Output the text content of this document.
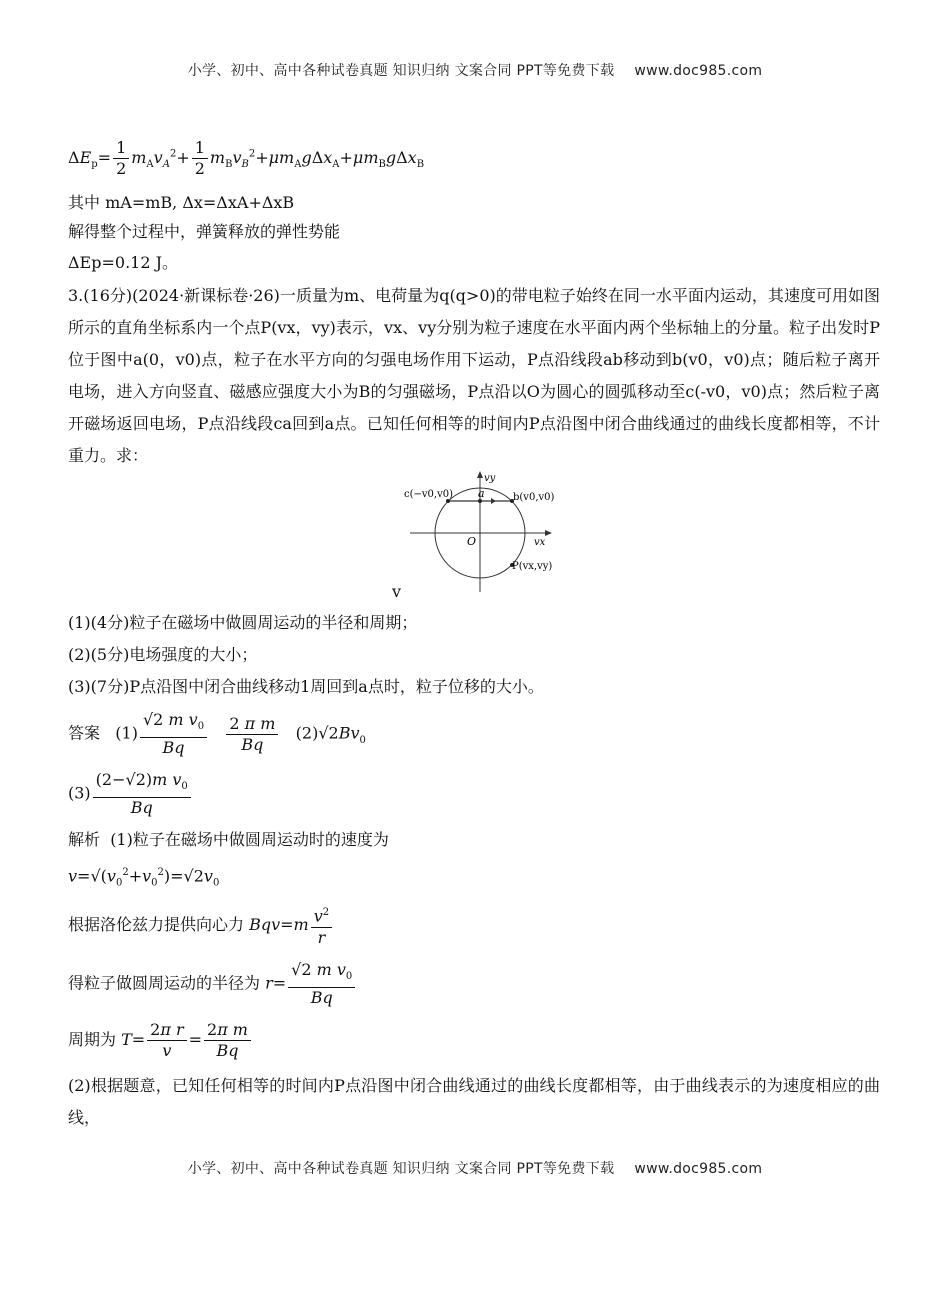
小学、初中、高中各种试卷真题 知识归纳 文案合同 PPT等免费下载 www.doc985.com
$\Delta E_p= \frac{1}{2} m_Av_A^2+ \frac{1}{2} m_Bv_B^2+\mu m_Ag\Delta x_A+\mu m_Bg\Delta x_B$
其中 mA=mB, Δx=ΔxA+ΔxB
解得整个过程中，弹簧释放的弹性势能
ΔEp=0.12 J。
3.(16分)(2024·新课标卷·26)一质量为m、电荷量为q(q>0)的带电粒子始终在同一水平面内运动，其速度可用如图所示的直角坐标系内一个点P(vx，vy)表示，vx、vy分别为粒子速度在水平面内两个坐标轴上的分量。粒子出发时P位于图中a(0，v0)点，粒子在水平方向的匀强电场作用下运动，P点沿线段ab移动到b(v0，v0)点；随后粒子离开电场，进入方向竖直、磁感应强度大小为B的匀强磁场，P点沿以O为圆心的圆弧移动至c(-v0，v0)点；然后粒子离开磁场返回电场，P点沿线段ca回到a点。已知任何相等的时间内P点沿图中闭合曲线通过的曲线长度都相等，不计重力。求：
c(−v0,v0) a	b(v0,v0)
O	vx
vy
P(vx,vy)
v
(1)(4分)粒子在磁场中做圆周运动的半径和周期；
(2)(5分)电场强度的大小；
(3)(7分)P点沿图中闭合曲线移动1周回到a点时，粒子位移的大小。
答案   $(1) \frac{√2 m v_0}{Bq}$
$\frac{\text{2 π m}}{Bq} (2)√2Bv_0$
$(3) \frac{(2-√2)m v_0}{Bq}$
解析 (1)粒子在磁场中做圆周运动时的速度为
$v=√(v_0^2+v_0^2)=√2v_0$
根据洛伦兹力提供向心力 $Bqv=m \frac{v^2}{r}$
得粒子做圆周运动的半径为 $r= \frac{√2 m v_0}{Bq}$
周期为 $T= \frac{\text{2π r}}{v} = \frac{\text{2π m}}{Bq}$
(2)根据题意，已知任何相等的时间内P点沿图中闭合曲线通过的曲线长度都相等，由于曲线表示的为速度相应的曲线，
小学、初中、高中各种试卷真题 知识归纳 文案合同 PPT等免费下载 www.doc985.com
